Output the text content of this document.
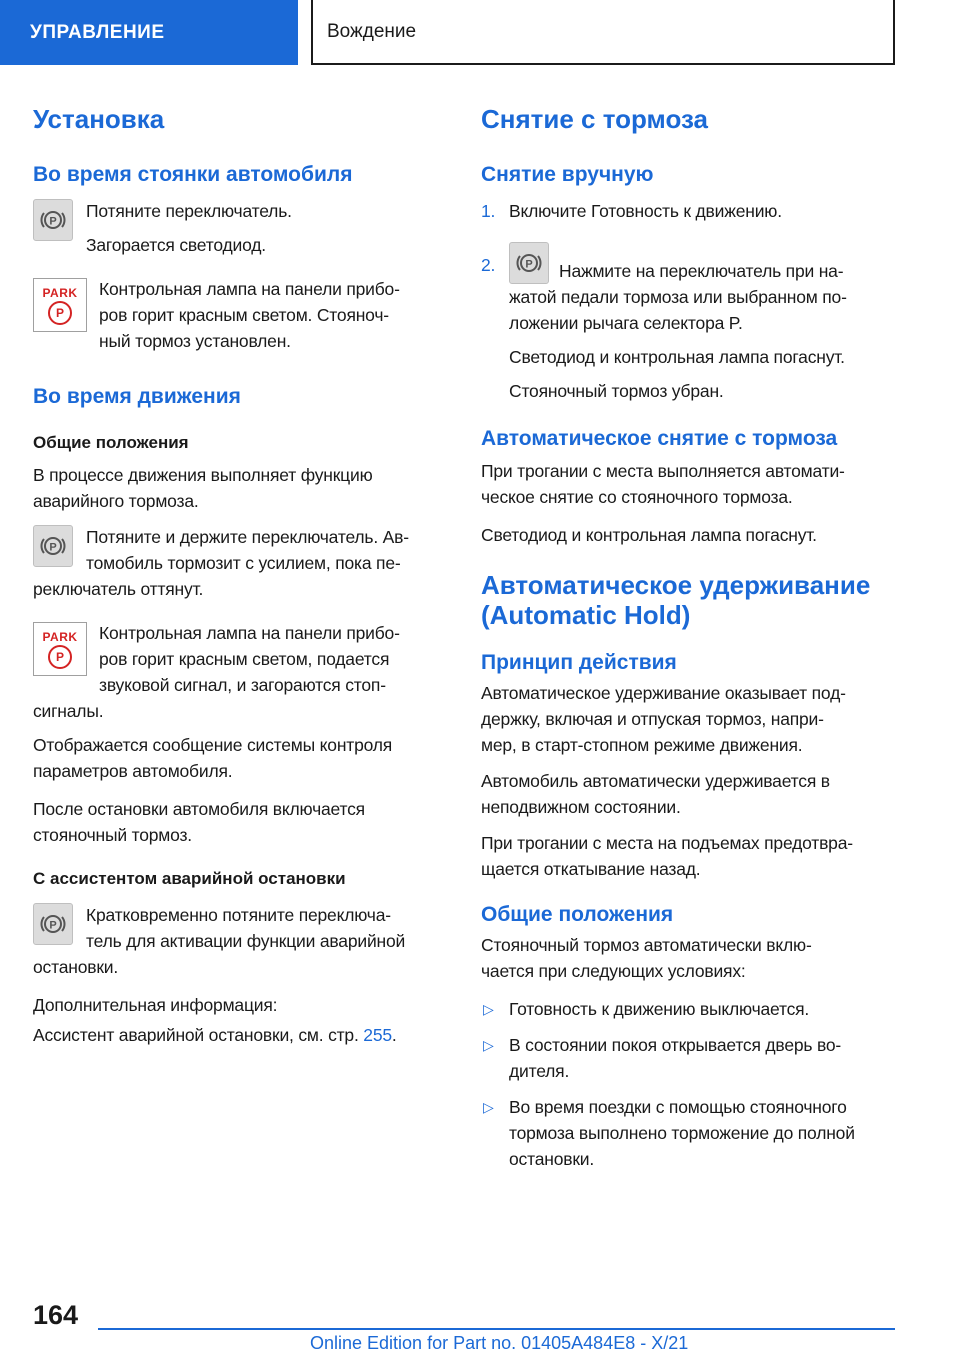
УПРАВЛЕНИЕ	Вождение

Установка

Во время стоянки автомобиля

P

Потяните переключатель.

Загорается светодиод.

PARK
P

Контрольная лампа на панели прибо-

ров горит красным светом. Стояноч-

ный тормоз установлен.

Во время движения

Общие положения

В процессе движения выполняет функцию

аварийного тормоза.

P

Потяните и держите переключатель. Ав-

томобиль тормозит с усилием, пока пе-

реключатель оттянут.

PARK
P

Контрольная лампа на панели прибо-

ров горит красным светом, подается

звуковой сигнал, и загораются стоп-

сигналы.

Отображается сообщение системы контроля

параметров автомобиля.

После остановки автомобиля включается

стояночный тормоз.

С ассистентом аварийной остановки

P

Кратковременно потяните переключа-

тель для активации функции аварийной

остановки.

Дополнительная информация:

Ассистент аварийной остановки, см. стр. 255.

Снятие с тормоза

Снятие вручную

1. Включите Готовность к движению.
2.	P Нажмите на переключатель при на-
жатой педали тормоза или выбранном по-
ложении рычага селектора P.
Светодиод и контрольная лампа погаснут.
Стояночный тормоз убран.

Автоматическое снятие с тормоза

При трогании с места выполняется автомати-

ческое снятие со стояночного тормоза.

Светодиод и контрольная лампа погаснут.

Автоматическое удерживание

(Automatic Hold)

Принцип действия

Автоматическое удерживание оказывает под-

держку, включая и отпуская тормоз, напри-

мер, в старт-стопном режиме движения.

Автомобиль автоматически удерживается в

неподвижном состоянии.

При трогании с места на подъемах предотвра-

щается откатывание назад.

Общие положения

Стояночный тормоз автоматически вклю-

чается при следующих условиях:

▷ Готовность к движению выключается.
▷ В состоянии покоя открывается дверь во-
дителя.
▷ Во время поездки с помощью стояночного
тормоза выполнено торможение до полной
остановки.
164
Online Edition for Part no. 01405A484E8 - X/21
